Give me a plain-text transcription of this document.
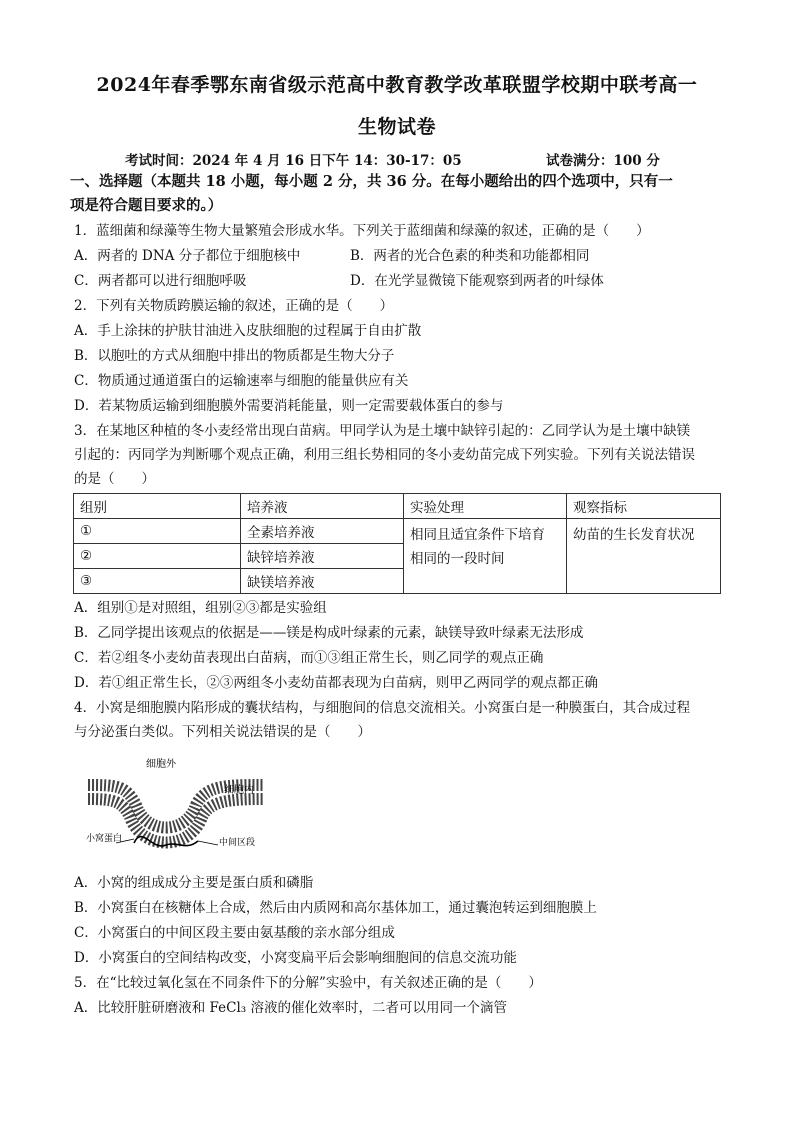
2024年春季鄂东南省级示范高中教育教学改革联盟学校期中联考高一
生物试卷
考试时间：2024 年 4 月 16 日下午 14：30-17：05	试卷满分：100 分
一、选择题（本题共 18 小题，每小题 2 分，共 36 分。在每小题给出的四个选项中，只有一
项是符合题目要求的。）
1．蓝细菌和绿藻等生物大量繁殖会形成水华。下列关于蓝细菌和绿藻的叙述，正确的是（　　）
A．两者的 DNA 分子都位于细胞核中	B．两者的光合色素的种类和功能都相同
C．两者都可以进行细胞呼吸	D．在光学显微镜下能观察到两者的叶绿体
2．下列有关物质跨膜运输的叙述，正确的是（　　）
A．手上涂抹的护肤甘油进入皮肤细胞的过程属于自由扩散
B．以胞吐的方式从细胞中排出的物质都是生物大分子
C．物质通过通道蛋白的运输速率与细胞的能量供应有关
D．若某物质运输到细胞膜外需要消耗能量，则一定需要载体蛋白的参与
3．在某地区种植的冬小麦经常出现白苗病。甲同学认为是土壤中缺锌引起的：乙同学认为是土壤中缺镁
引起的：丙同学为判断哪个观点正确，利用三组长势相同的冬小麦幼苗完成下列实验。下列有关说法错误
的是（　　）
组别	培养液	实验处理	观察指标
①	全素培养液	相同且适宜条件下培育相同的一段时间	幼苗的生长发育状况
②	缺锌培养液		
③	缺镁培养液		
A．组别①是对照组，组别②③都是实验组
B．乙同学提出该观点的依据是——镁是构成叶绿素的元素，缺镁导致叶绿素无法形成
C．若②组冬小麦幼苗表现出白苗病，而①③组正常生长，则乙同学的观点正确
D．若①组正常生长，②③两组冬小麦幼苗都表现为白苗病，则甲乙两同学的观点都正确
4．小窝是细胞膜内陷形成的囊状结构，与细胞间的信息交流相关。小窝蛋白是一种膜蛋白，其合成过程
与分泌蛋白类似。下列相关说法错误的是（　　）
细胞外
细胞内
小窝蛋白	中间区段
A．小窝的组成成分主要是蛋白质和磷脂
B．小窝蛋白在核糖体上合成，然后由内质网和高尔基体加工，通过囊泡转运到细胞膜上
C．小窝蛋白的中间区段主要由氨基酸的亲水部分组成
D．小窝蛋白的空间结构改变，小窝变扁平后会影响细胞间的信息交流功能
5．在“比较过氧化氢在不同条件下的分解”实验中，有关叙述正确的是（　　）
A．比较肝脏研磨液和 FeCl₃ 溶液的催化效率时，二者可以用同一个滴管
